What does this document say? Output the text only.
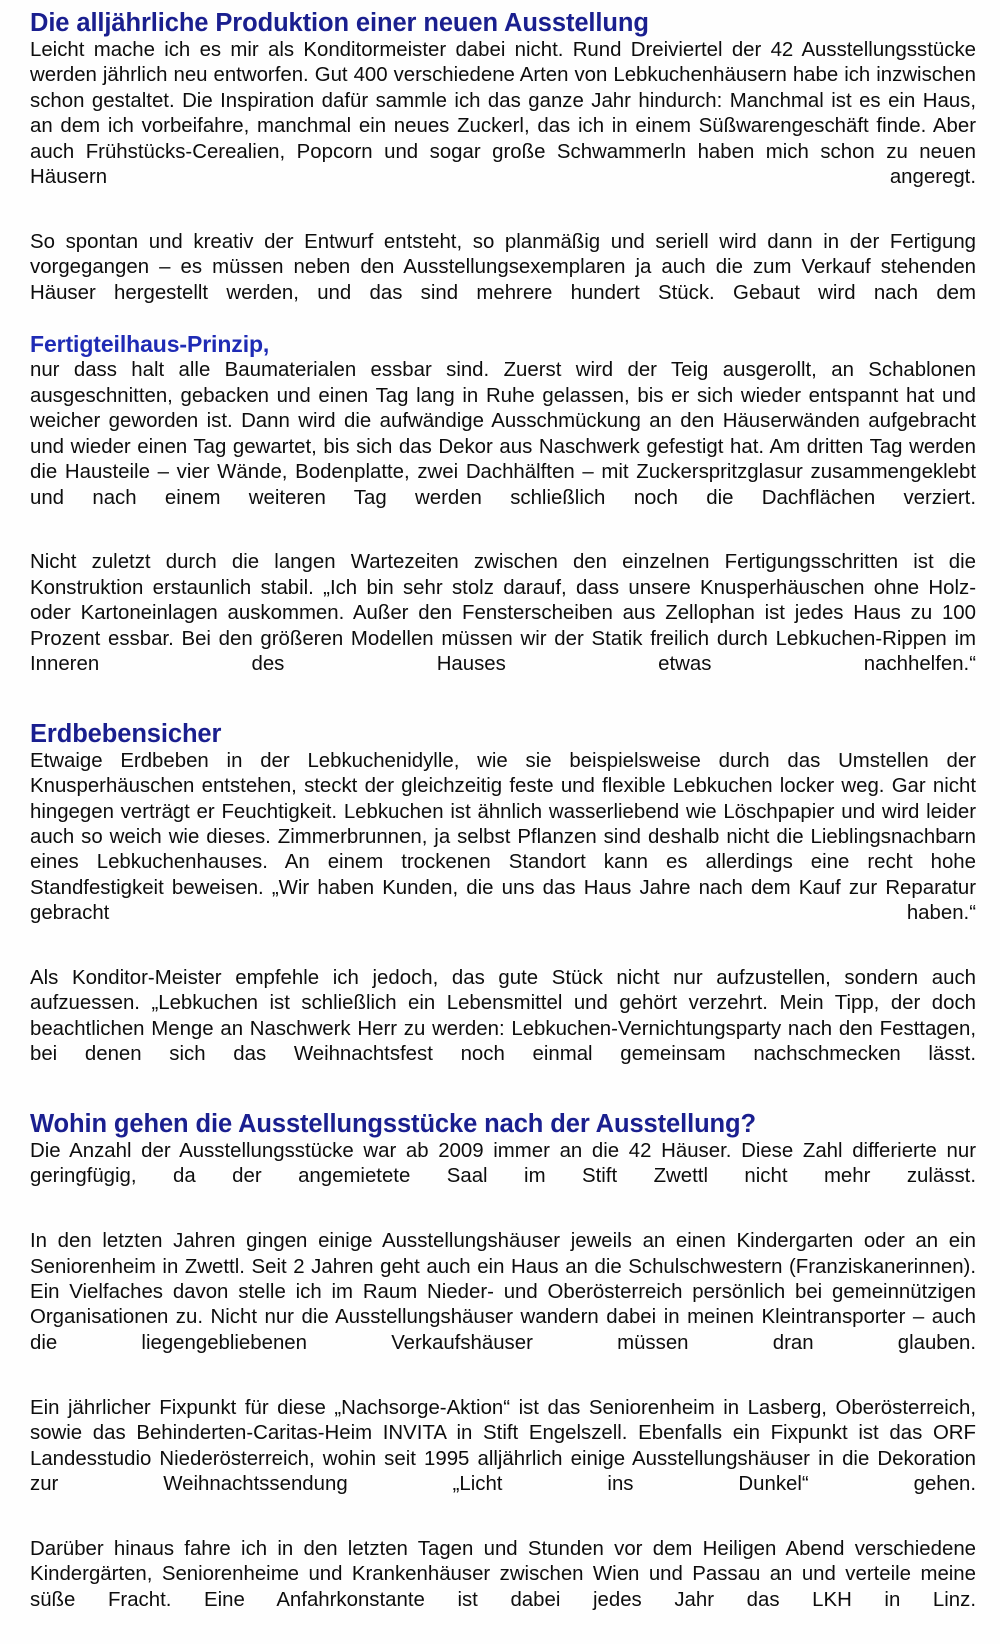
Die alljährliche Produktion einer neuen Ausstellung

Leicht mache ich es mir als Konditormeister dabei nicht. Rund Dreiviertel der 42 Ausstellungsstücke werden jährlich neu entworfen. Gut 400 verschiedene Arten von Lebkuchenhäusern habe ich inzwischen schon gestaltet. Die Inspiration dafür sammle ich das ganze Jahr hindurch: Manchmal ist es ein Haus, an dem ich vorbeifahre, manchmal ein neues Zuckerl, das ich in einem Süßwarengeschäft finde. Aber auch Frühstücks-Cerealien, Popcorn und sogar große Schwammerln haben mich schon zu neuen Häusern angeregt.

So spontan und kreativ der Entwurf entsteht, so planmäßig und seriell wird dann in der Fertigung vorgegangen – es müssen neben den Ausstellungsexemplaren ja auch die zum Verkauf stehenden Häuser hergestellt werden, und das sind mehrere hundert Stück. Gebaut wird nach dem

Fertigteilhaus-Prinzip,

nur dass halt alle Baumaterialen essbar sind. Zuerst wird der Teig ausgerollt, an Schablonen ausgeschnitten, gebacken und einen Tag lang in Ruhe gelassen, bis er sich wieder entspannt hat und weicher geworden ist. Dann wird die aufwändige Ausschmückung an den Häuserwänden aufgebracht und wieder einen Tag gewartet, bis sich das Dekor aus Naschwerk gefestigt hat. Am dritten Tag werden die Hausteile – vier Wände, Bodenplatte, zwei Dachhälften – mit Zuckerspritzglasur zusammengeklebt und nach einem weiteren Tag werden schließlich noch die Dachflächen verziert.

Nicht zuletzt durch die langen Wartezeiten zwischen den einzelnen Fertigungsschritten ist die Konstruktion erstaunlich stabil. „Ich bin sehr stolz darauf, dass unsere Knusperhäuschen ohne Holz- oder Kartoneinlagen auskommen. Außer den Fensterscheiben aus Zellophan ist jedes Haus zu 100 Prozent essbar. Bei den größeren Modellen müssen wir der Statik freilich durch Lebkuchen-Rippen im Inneren des Hauses etwas nachhelfen.“

Erdbebensicher

Etwaige Erdbeben in der Lebkuchenidylle, wie sie beispielsweise durch das Umstellen der Knusperhäuschen entstehen, steckt der gleichzeitig feste und flexible Lebkuchen locker weg. Gar nicht hingegen verträgt er Feuchtigkeit. Lebkuchen ist ähnlich wasserliebend wie Löschpapier und wird leider auch so weich wie dieses. Zimmerbrunnen, ja selbst Pflanzen sind deshalb nicht die Lieblingsnachbarn eines Lebkuchenhauses. An einem trockenen Standort kann es allerdings eine recht hohe Standfestigkeit beweisen. „Wir haben Kunden, die uns das Haus Jahre nach dem Kauf zur Reparatur gebracht haben.“

Als Konditor-Meister empfehle ich jedoch, das gute Stück nicht nur aufzustellen, sondern auch aufzuessen. „Lebkuchen ist schließlich ein Lebensmittel und gehört verzehrt. Mein Tipp, der doch beachtlichen Menge an Naschwerk Herr zu werden: Lebkuchen-Vernichtungsparty nach den Festtagen, bei denen sich das Weihnachtsfest noch einmal gemeinsam nachschmecken lässt.

Wohin gehen die Ausstellungsstücke nach der Ausstellung?

Die Anzahl der Ausstellungsstücke war ab 2009 immer an die 42 Häuser. Diese Zahl differierte nur geringfügig, da der angemietete Saal im Stift Zwettl nicht mehr zulässt.

In den letzten Jahren gingen einige Ausstellungshäuser jeweils an einen Kindergarten oder an ein Seniorenheim in Zwettl. Seit 2 Jahren geht auch ein Haus an die Schulschwestern (Franziskanerinnen). Ein Vielfaches davon stelle ich im Raum Nieder- und Oberösterreich persönlich bei gemeinnützigen Organisationen zu. Nicht nur die Ausstellungshäuser wandern dabei in meinen Kleintransporter – auch die liegengebliebenen Verkaufshäuser müssen dran glauben.

Ein jährlicher Fixpunkt für diese „Nachsorge-Aktion“ ist das Seniorenheim in Lasberg, Oberösterreich, sowie das Behinderten-Caritas-Heim INVITA in Stift Engelszell. Ebenfalls ein Fixpunkt ist das ORF Landesstudio Niederösterreich, wohin seit 1995 alljährlich einige Ausstellungshäuser in die Dekoration zur Weihnachtssendung „Licht ins Dunkel“ gehen.

Darüber hinaus fahre ich in den letzten Tagen und Stunden vor dem Heiligen Abend verschiedene Kindergärten, Seniorenheime und Krankenhäuser zwischen Wien und Passau an und verteile meine süße Fracht. Eine Anfahrkonstante ist dabei jedes Jahr das LKH in Linz.
